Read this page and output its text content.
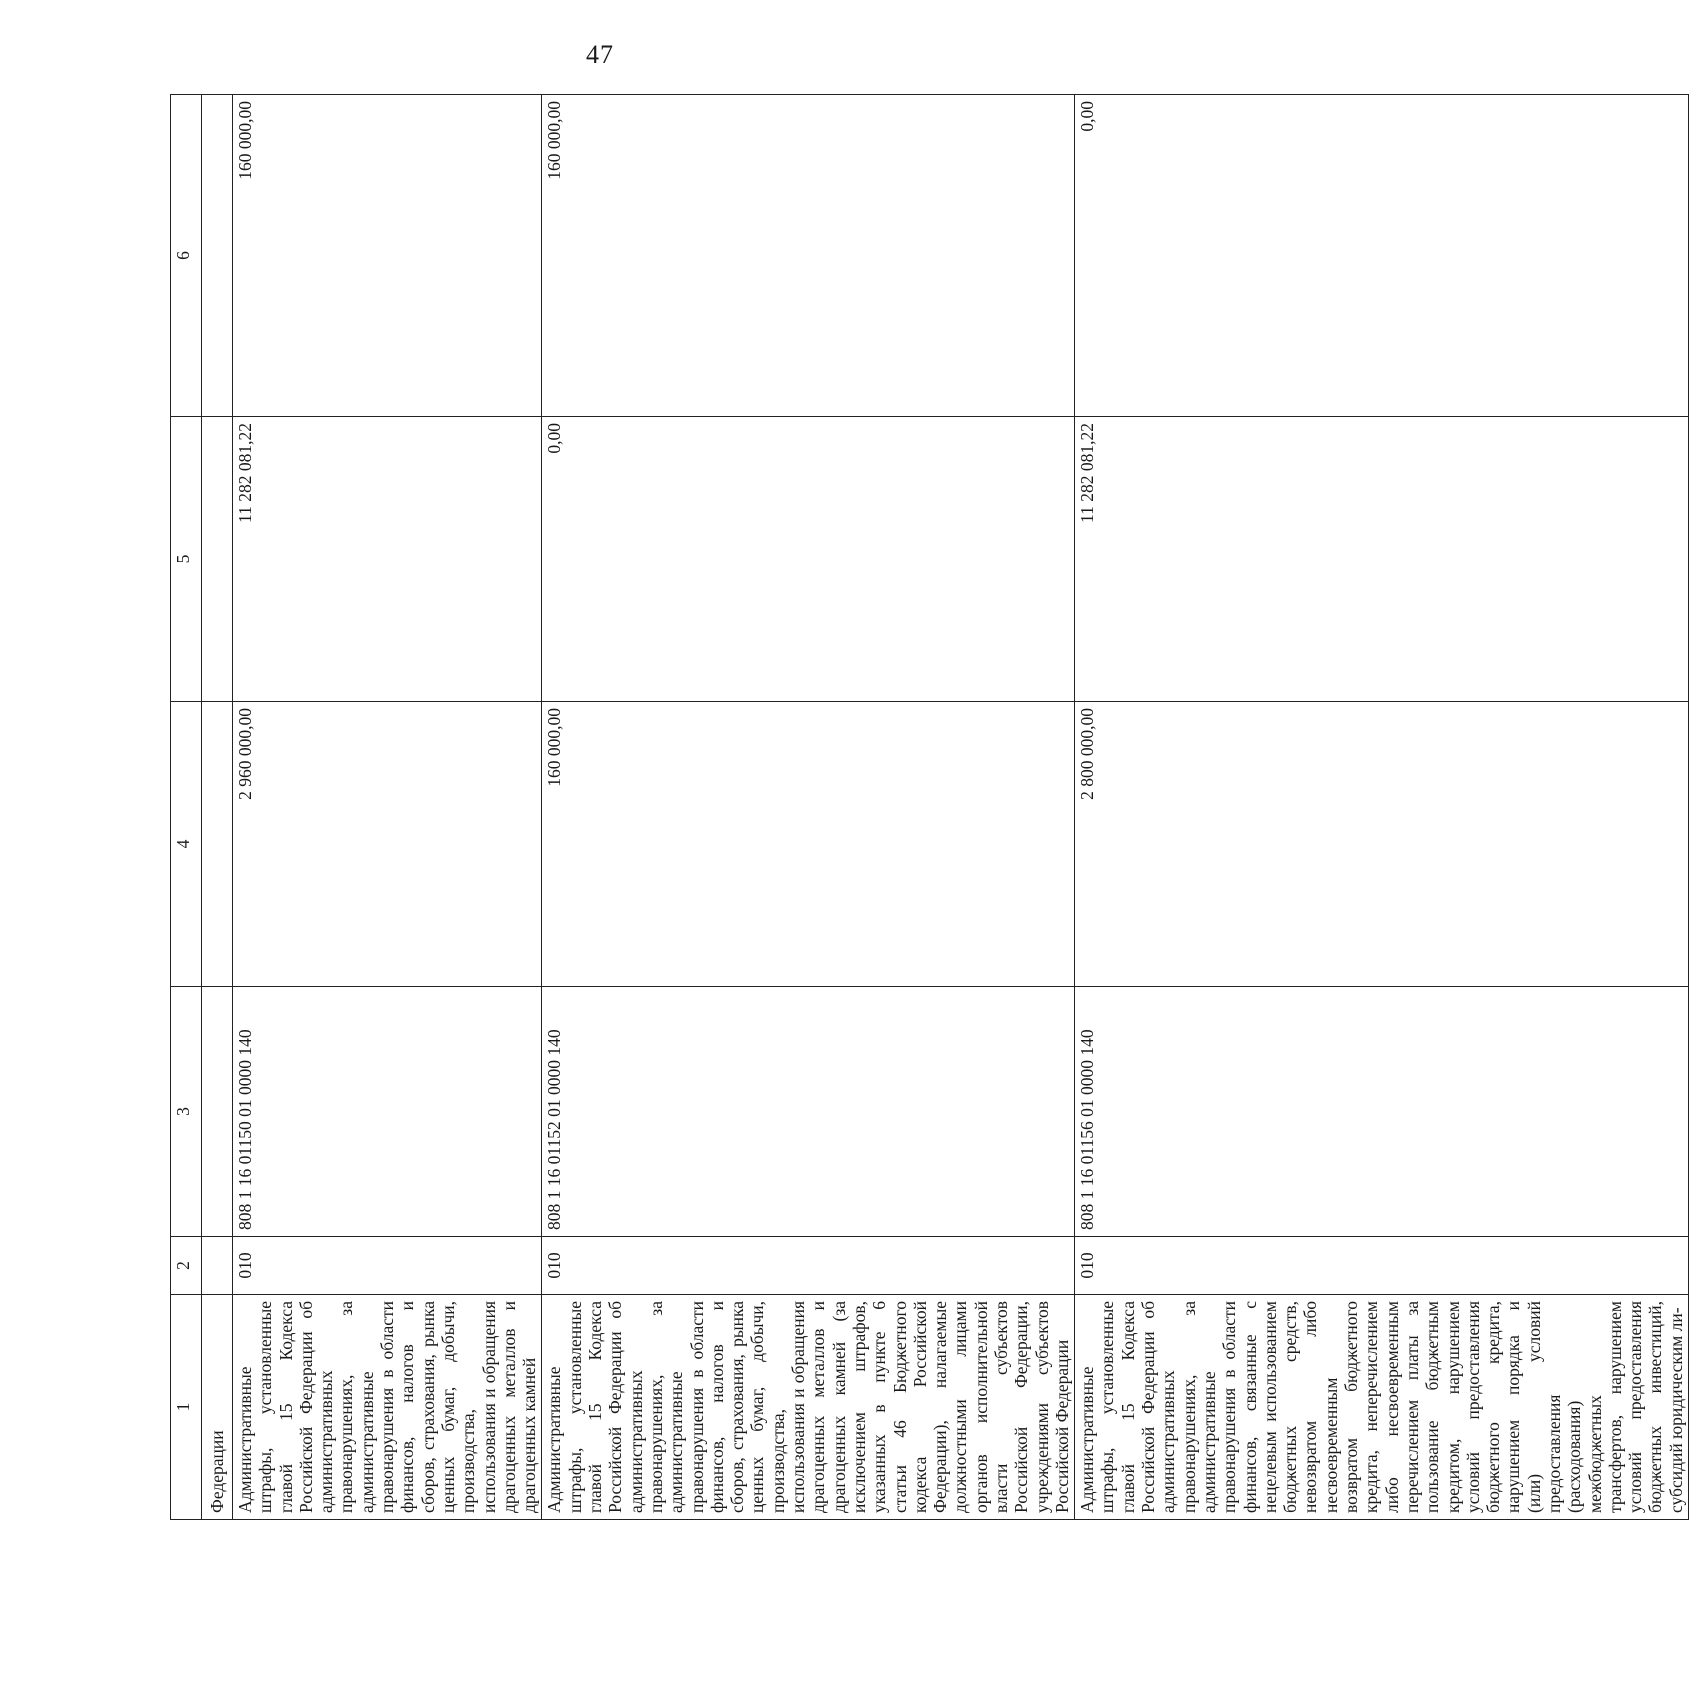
47
1	2	3	4	5	6
Федерации					
Административные штрафы, установленные главой 15 Кодекса Российской Федерации об административных правонарушениях, за административные правонарушения в области финансов, налогов и сборов, страхования, рынка ценных бумаг, добычи, производства, использования и обращения драгоценных металлов и драгоценных камней	010	808 1 16 01150 01 0000 140	2 960 000,00	11 282 081,22	160 000,00
Административные штрафы, установленные главой 15 Кодекса Российской Федерации об административных правонарушениях, за административные правонарушения в области финансов, налогов и сборов, страхования, рынка ценных бумаг, добычи, производства, использования и обращения драгоценных металлов и драгоценных камней (за исключением штрафов, указанных в пункте 6 статьи 46 Бюджетного кодекса Российской Федерации), налагаемые должностными лицами органов исполнительной власти субъектов Российской Федерации, учреждениями субъектов Российской Федерации	010	808 1 16 01152 01 0000 140	160 000,00	0,00	160 000,00
Административные штрафы, установленные главой 15 Кодекса Российской Федерации об административных правонарушениях, за административные правонарушения в области финансов, связанные с нецелевым использованием бюджетных средств, невозвратом либо несвоевременным возвратом бюджетного кредита, неперечислением либо несвоевременным перечислением платы за пользование бюджетным кредитом, нарушением условий предоставления бюджетного кредита, нарушением порядка и (или) условий предоставления (расходования) межбюджетных трансфертов, нарушением условий предоставления бюджетных инвестиций, субсидий юридическим ли-	010	808 1 16 01156 01 0000 140	2 800 000,00	11 282 081,22	0,00
